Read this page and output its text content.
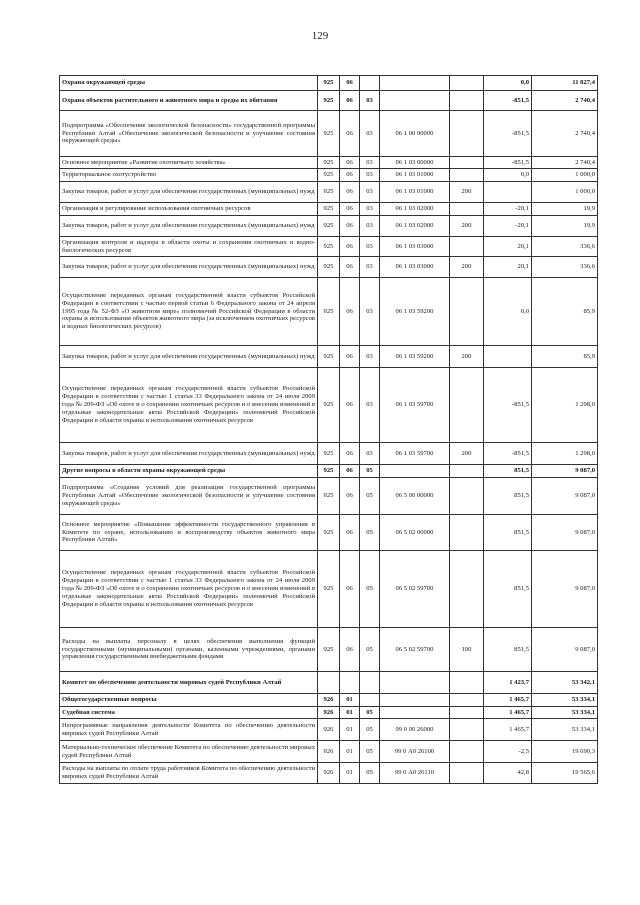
129
Охрана окружающей среды	925	06				0,0	11 827,4
Охрана объектов растительного и животного мира и среды их обитания	925	06	03			-851,5	2 740,4
Подпрограмма «Обеспечение экологической безопасности» государственной программы Республики Алтай «Обеспечение экологической безопасности и улучшение состояния окружающей среды»	925	06	03	06 1 00 00000		-851,5	2 740,4
Основное мероприятие «Развитие охотничьего хозяйства»	925	06	03	06 1 03 00000		-851,5	2 740,4
Территориальное охотустройство	925	06	03	06 1 03 01000		0,0	1 000,0
Закупка товаров, работ и услуг для обеспечения государственных (муниципальных) нужд	925	06	03	06 1 03 01000	200		1 000,0
Организация и регулирование использования охотничьих ресурсов	925	06	03	06 1 03 02000		-20,1	19,9
Закупка товаров, работ и услуг для обеспечения государственных (муниципальных) нужд	925	06	03	06 1 03 02000	200	-20,1	19,9
Организация контроля и надзора в области охоты и сохранения охотничьих и водно-биологических ресурсов	925	06	03	06 1 03 03000		20,1	336,6
Закупка товаров, работ и услуг для обеспечения государственных (муниципальных) нужд	925	06	03	06 1 03 03000	200	20,1	336,6
Осуществление переданных органам государственной власти субъектов Российской Федерации в соответствии с частью первой статьи 6 Федерального закона от 24 апреля 1995 года № 52-ФЗ «О животном мире» полномочий Российской Федерации в области охраны и использования объектов животного мира (за исключением охотничьих ресурсов и водных биологических ресурсов)	925	06	03	06 1 03 59200		0,0	85,9
Закупка товаров, работ и услуг для обеспечения государственных (муниципальных) нужд	925	06	03	06 1 03 59200	200		85,9
Осуществление переданных органам государственной власти субъектов Российской Федерации в соответствии с частью 1 статьи 33 Федерального закона от 24 июля 2009 года № 209-ФЗ «Об охоте и о сохранении охотничьих ресурсов и о внесении изменений в отдельные законодательные акты Российской Федерации» полномочий Российской Федерации в области охраны и использования охотничьих ресурсов	925	06	03	06 1 03 59700		-851,5	1 298,0
Закупка товаров, работ и услуг для обеспечения государственных (муниципальных) нужд	925	06	03	06 1 03 59700	200	-851,5	1 298,0
Другие вопросы в области охраны окружающей среды	925	06	05			851,5	9 087,0
Подпрограмма «Создание условий для реализации государственной программы Республики Алтай «Обеспечение экологической безопасности и улучшение состояния окружающей среды»	925	06	05	06 5 00 00000		851,5	9 087,0
Основное мероприятие «Повышение эффективности государственного управления в Комитете по охране, использованию и воспроизводству объектов животного мира Республики Алтай»	925	06	05	06 5 02 00000		851,5	9 087,0
Осуществление переданных органам государственной власти субъектов Российской Федерации в соответствии с частью 1 статьи 33 Федерального закона от 24 июля 2009 года № 209-ФЗ «Об охоте и о сохранении охотничьих ресурсов и о внесении изменений в отдельные законодательные акты Российской Федерации» полномочий Российской Федерации в области охраны и использования охотничьих ресурсов	925	06	05	06 5 02 59700		851,5	9 087,0
Расходы на выплаты персоналу в целях обеспечения выполнения функций государственными (муниципальными) органами, казенными учреждениями, органами управления государственными внебюджетными фондами	925	06	05	06 5 02 59700	100	851,5	9 087,0
Комитет по обеспечению деятельности мировых судей Республики Алтай						1 423,7	53 342,1
Общегосударственные вопросы	926	01				1 465,7	53 334,1
Судебная система	926	01	05			1 465,7	53 334,1
Непрограммные направления деятельности Комитета по обеспечению деятельности мировых судей Республики Алтай	926	01	05	99 0 00 26000		1 465,7	53 334,1
Материально-техническое обеспечение Комитета по обеспечению деятельности мировых судей Республики Алтай	926	01	05	99 0 А0 26100		-2,5	19 690,3
Расходы на выплаты по оплате труда работников Комитета по обеспечению деятельности мировых судей Республики Алтай	926	01	05	99 0 А0 26110		42,8	19 565,6
